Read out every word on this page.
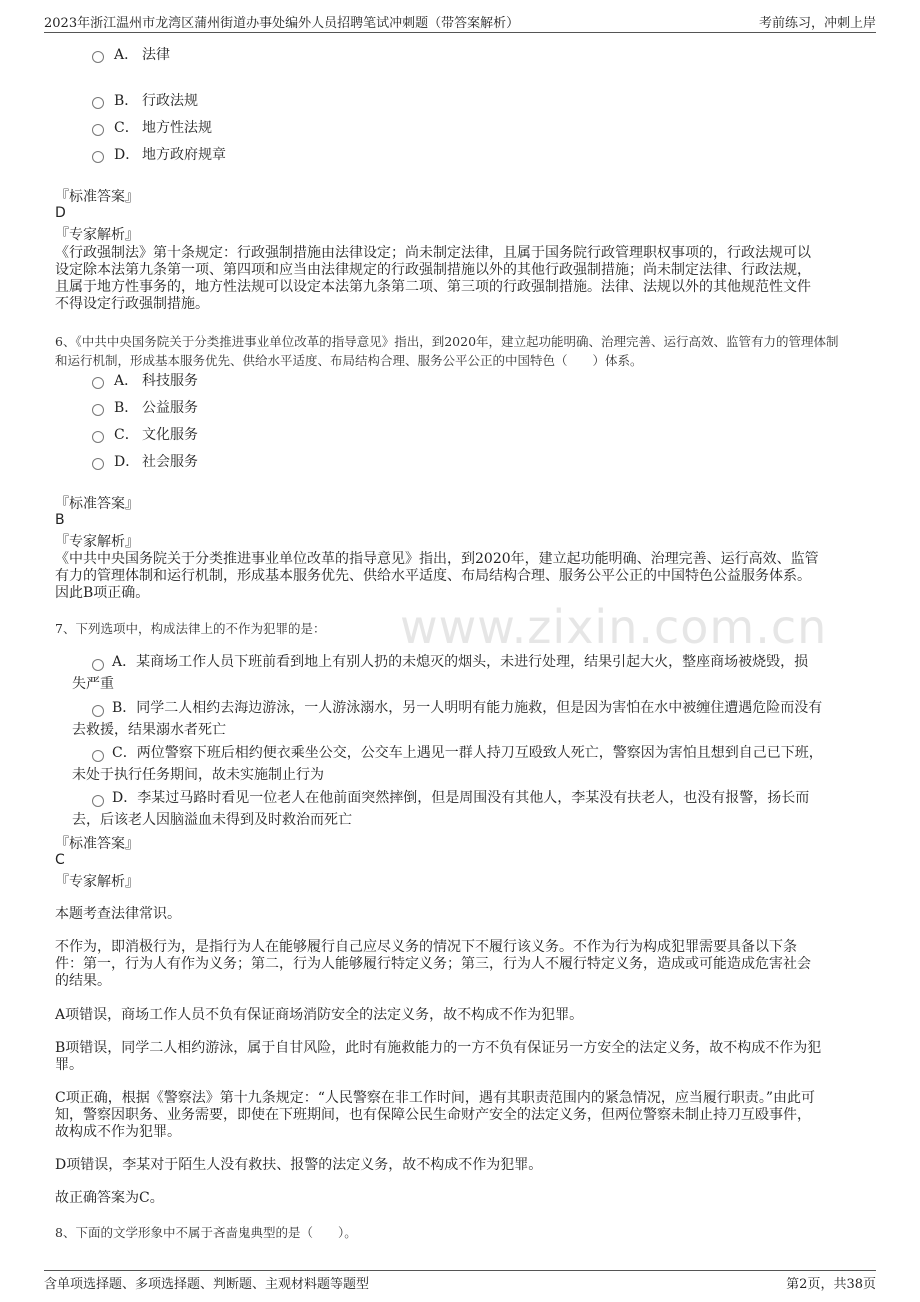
2023年浙江温州市龙湾区蒲州街道办事处编外人员招聘笔试冲刺题（带答案解析）	考前练习，冲刺上岸
www.zixin.com.cn
A． 法律
B． 行政法规
C． 地方性法规
D． 地方政府规章
『标准答案』
D
『专家解析』
《行政强制法》第十条规定：行政强制措施由法律设定；尚未制定法律，且属于国务院行政管理职权事项的，行政法规可以
设定除本法第九条第一项、第四项和应当由法律规定的行政强制措施以外的其他行政强制措施；尚未制定法律、行政法规，
且属于地方性事务的，地方性法规可以设定本法第九条第二项、第三项的行政强制措施。法律、法规以外的其他规范性文件
不得设定行政强制措施。
6、《中共中央国务院关于分类推进事业单位改革的指导意见》指出，到2020年，建立起功能明确、治理完善、运行高效、监管有力的管理体制
和运行机制，形成基本服务优先、供给水平适度、布局结构合理、服务公平公正的中国特色（　　）体系。
A． 科技服务
B． 公益服务
C． 文化服务
D． 社会服务
『标准答案』
B
『专家解析』
《中共中央国务院关于分类推进事业单位改革的指导意见》指出，到2020年，建立起功能明确、治理完善、运行高效、监管
有力的管理体制和运行机制，形成基本服务优先、供给水平适度、布局结构合理、服务公平公正的中国特色公益服务体系。
因此B项正确。
7、下列选项中，构成法律上的不作为犯罪的是：
A．某商场工作人员下班前看到地上有别人扔的未熄灭的烟头，未进行处理，结果引起大火，整座商场被烧毁，损
失严重
B．同学二人相约去海边游泳，一人游泳溺水，另一人明明有能力施救，但是因为害怕在水中被缠住遭遇危险而没有
去救援，结果溺水者死亡
C．两位警察下班后相约便衣乘坐公交，公交车上遇见一群人持刀互殴致人死亡，警察因为害怕且想到自己已下班，
未处于执行任务期间，故未实施制止行为
D．李某过马路时看见一位老人在他前面突然摔倒，但是周围没有其他人，李某没有扶老人，也没有报警，扬长而
去，后该老人因脑溢血未得到及时救治而死亡
『标准答案』
C
『专家解析』
本题考查法律常识。
不作为，即消极行为，是指行为人在能够履行自己应尽义务的情况下不履行该义务。不作为行为构成犯罪需要具备以下条
件：第一，行为人有作为义务；第二，行为人能够履行特定义务；第三，行为人不履行特定义务，造成或可能造成危害社会
的结果。
A项错误，商场工作人员不负有保证商场消防安全的法定义务，故不构成不作为犯罪。
B项错误，同学二人相约游泳，属于自甘风险，此时有施救能力的一方不负有保证另一方安全的法定义务，故不构成不作为犯
罪。
C项正确，根据《警察法》第十九条规定：“人民警察在非工作时间，遇有其职责范围内的紧急情况，应当履行职责。”由此可
知，警察因职务、业务需要，即使在下班期间，也有保障公民生命财产安全的法定义务，但两位警察未制止持刀互殴事件，
故构成不作为犯罪。
D项错误，李某对于陌生人没有救扶、报警的法定义务，故不构成不作为犯罪。
故正确答案为C。
8、下面的文学形象中不属于吝啬鬼典型的是（　　）。
含单项选择题、多项选择题、判断题、主观材料题等题型	第2页，共38页
